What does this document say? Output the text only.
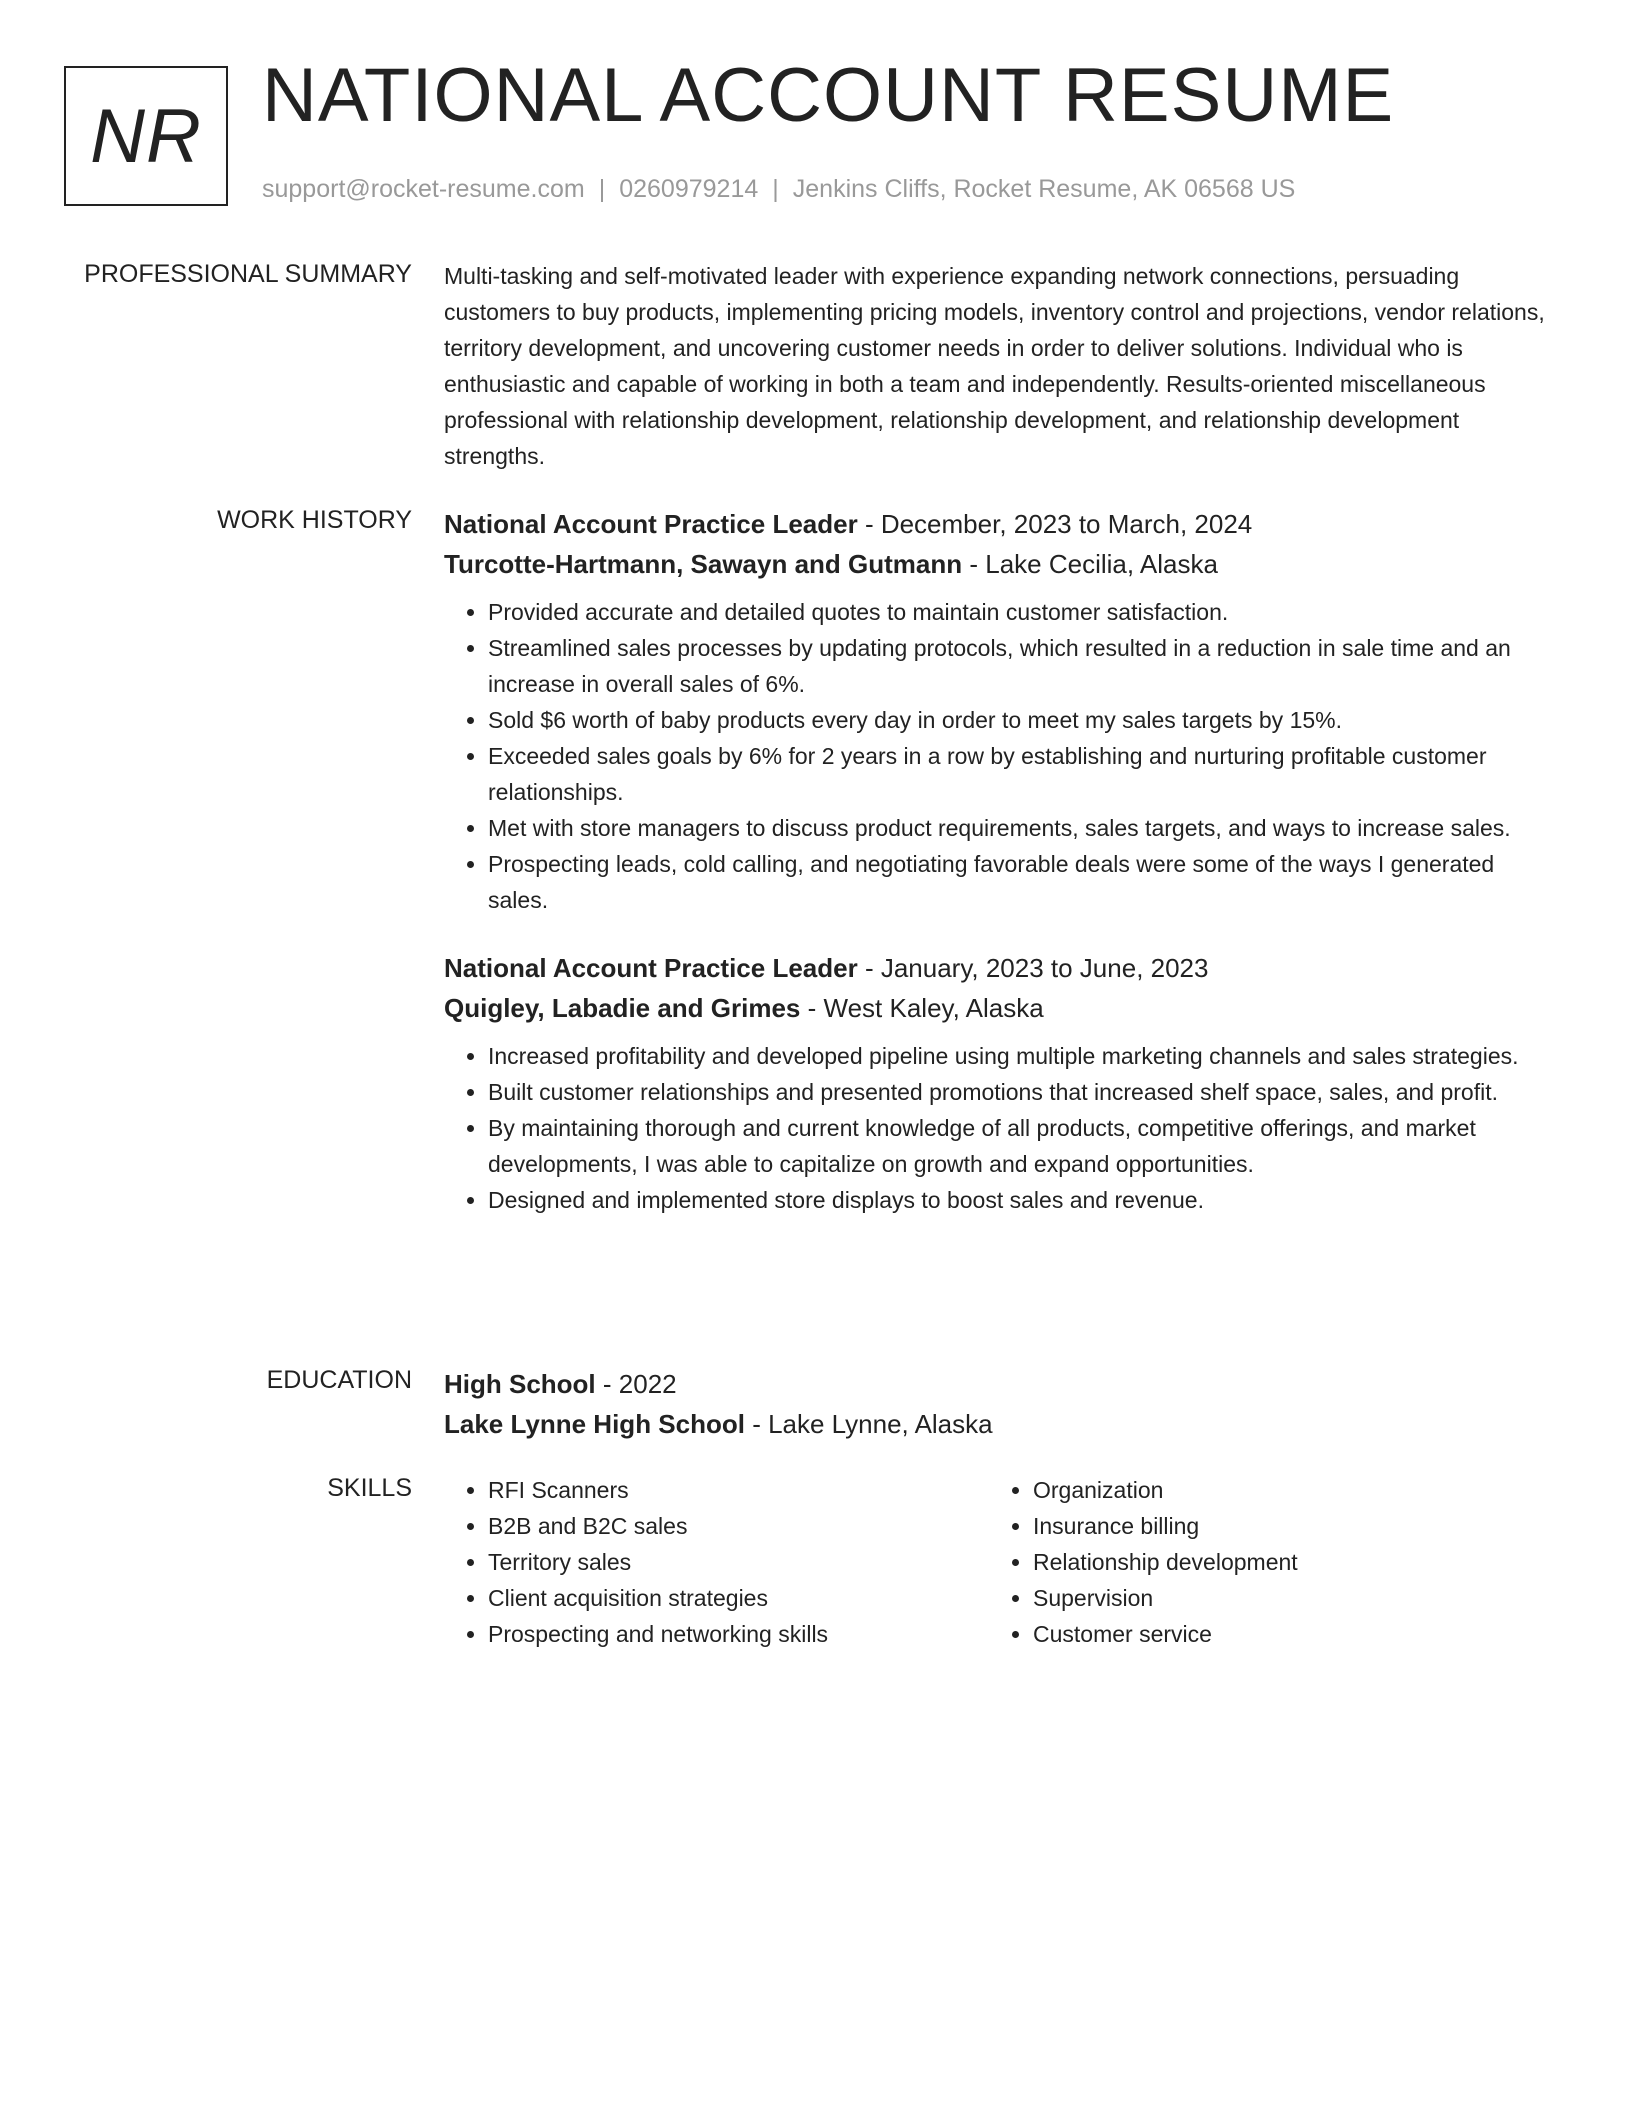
NR NATIONAL ACCOUNT RESUME
support@rocket-resume.com | 0260979214 | Jenkins Cliffs, Rocket Resume, AK 06568 US
PROFESSIONAL SUMMARY Multi-tasking and self-motivated leader with experience expanding network connections, persuading customers to buy products, implementing pricing models, inventory control and projections, vendor relations, territory development, and uncovering customer needs in order to deliver solutions. Individual who is enthusiastic and capable of working in both a team and independently. Results-oriented miscellaneous professional with relationship development, relationship development, and relationship development strengths.

WORK HISTORY National Account Practice Leader - December, 2023 to March, 2024
Turcotte-Hartmann, Sawayn and Gutmann - Lake Cecilia, Alaska
• Provided accurate and detailed quotes to maintain customer satisfaction.
• Streamlined sales processes by updating protocols, which resulted in a reduction in sale time and an increase in overall sales of 6%.
• Sold $6 worth of baby products every day in order to meet my sales targets by 15%.
• Exceeded sales goals by 6% for 2 years in a row by establishing and nurturing profitable customer relationships.
• Met with store managers to discuss product requirements, sales targets, and ways to increase sales.
• Prospecting leads, cold calling, and negotiating favorable deals were some of the ways I generated sales.
National Account Practice Leader - January, 2023 to June, 2023
Quigley, Labadie and Grimes - West Kaley, Alaska
• Increased profitability and developed pipeline using multiple marketing channels and sales strategies.
• Built customer relationships and presented promotions that increased shelf space, sales, and profit.
• By maintaining thorough and current knowledge of all products, competitive offerings, and market developments, I was able to capitalize on growth and expand opportunities.
• Designed and implemented store displays to boost sales and revenue.
EDUCATION High School - 2022
Lake Lynne High School - Lake Lynne, Alaska
SKILLS
•	RFI Scanners
• B2B and B2C sales
• Territory sales
• Client acquisition strategies
• Prospecting and networking skills
• Organization
• Insurance billing
• Relationship development
• Supervision
• Customer service
